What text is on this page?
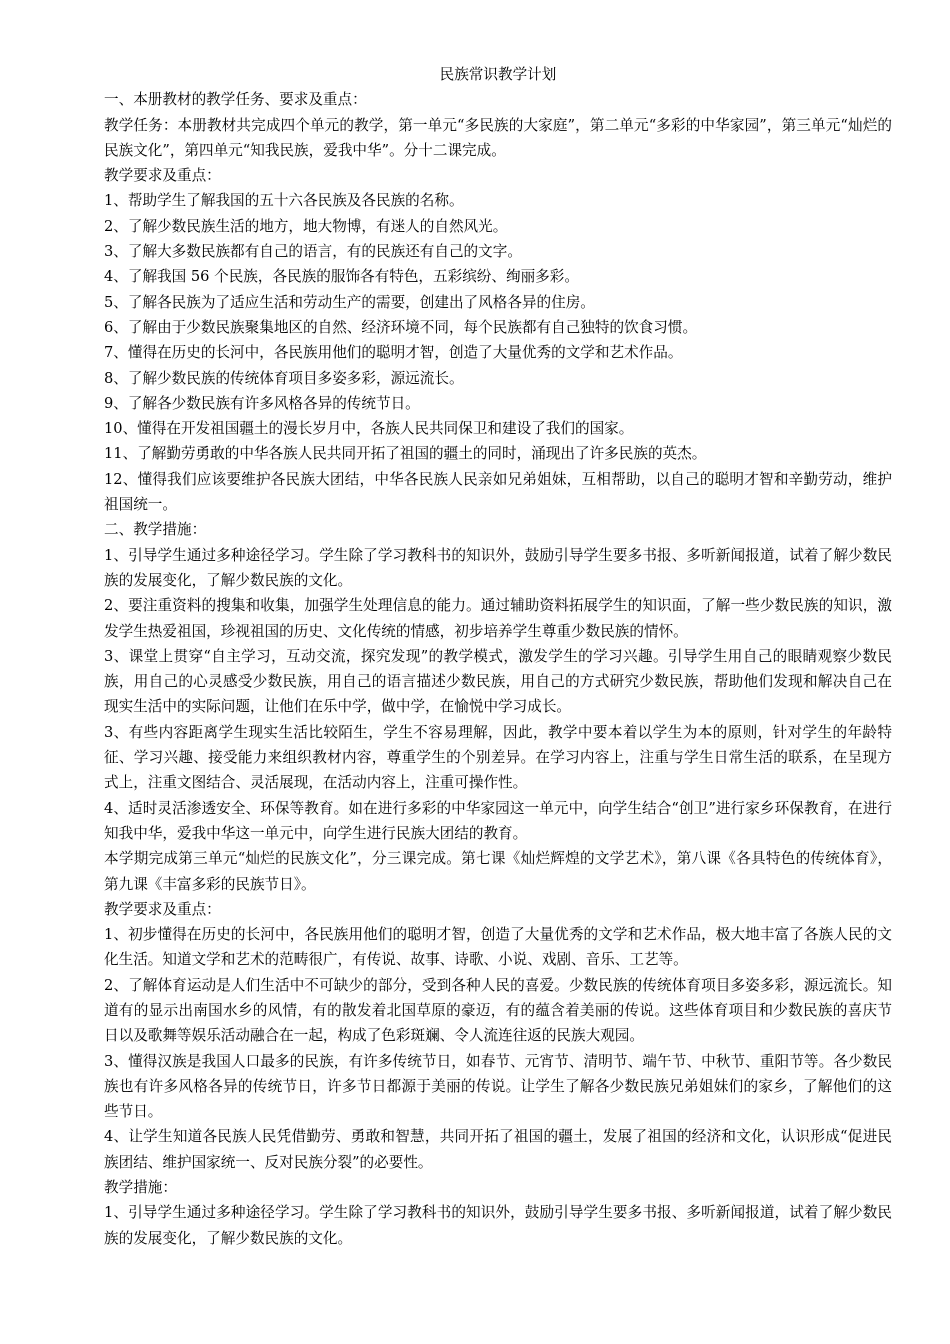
民族常识教学计划

一、本册教材的教学任务、要求及重点：

教学任务：本册教材共完成四个单元的教学，第一单元“多民族的大家庭”，第二单元“多彩的中华家园”，第三单元“灿烂的民族文化”，第四单元“知我民族，爱我中华”。分十二课完成。

教学要求及重点：

1、帮助学生了解我国的五十六各民族及各民族的名称。

2、了解少数民族生活的地方，地大物博，有迷人的自然风光。

3、了解大多数民族都有自己的语言，有的民族还有自己的文字。

4、了解我国 56 个民族，各民族的服饰各有特色，五彩缤纷、绚丽多彩。

5、了解各民族为了适应生活和劳动生产的需要，创建出了风格各异的住房。

6、了解由于少数民族聚集地区的自然、经济环境不同，每个民族都有自己独特的饮食习惯。

7、懂得在历史的长河中，各民族用他们的聪明才智，创造了大量优秀的文学和艺术作品。

8、了解少数民族的传统体育项目多姿多彩，源远流长。

9、了解各少数民族有许多风格各异的传统节日。

10、懂得在开发祖国疆土的漫长岁月中，各族人民共同保卫和建设了我们的国家。

11、了解勤劳勇敢的中华各族人民共同开拓了祖国的疆土的同时，涌现出了许多民族的英杰。

12、懂得我们应该要维护各民族大团结，中华各民族人民亲如兄弟姐妹，互相帮助，以自己的聪明才智和辛勤劳动，维护祖国统一。

二、教学措施：

1、引导学生通过多种途径学习。学生除了学习教科书的知识外，鼓励引导学生要多书报、多听新闻报道，试着了解少数民族的发展变化，了解少数民族的文化。

2、要注重资料的搜集和收集，加强学生处理信息的能力。通过辅助资料拓展学生的知识面，了解一些少数民族的知识，激发学生热爱祖国，珍视祖国的历史、文化传统的情感，初步培养学生尊重少数民族的情怀。

3、课堂上贯穿“自主学习，互动交流，探究发现”的教学模式，激发学生的学习兴趣。引导学生用自己的眼睛观察少数民族，用自己的心灵感受少数民族，用自己的语言描述少数民族，用自己的方式研究少数民族，帮助他们发现和解决自己在现实生活中的实际问题，让他们在乐中学，做中学，在愉悦中学习成长。

3、有些内容距离学生现实生活比较陌生，学生不容易理解，因此，教学中要本着以学生为本的原则，针对学生的年龄特征、学习兴趣、接受能力来组织教材内容，尊重学生的个别差异。在学习内容上，注重与学生日常生活的联系，在呈现方式上，注重文图结合、灵活展现，在活动内容上，注重可操作性。

4、适时灵活渗透安全、环保等教育。如在进行多彩的中华家园这一单元中，向学生结合“创卫”进行家乡环保教育，在进行知我中华，爱我中华这一单元中，向学生进行民族大团结的教育。

本学期完成第三单元“灿烂的民族文化”，分三课完成。第七课《灿烂辉煌的文学艺术》，第八课《各具特色的传统体育》，第九课《丰富多彩的民族节日》。

教学要求及重点：

1、初步懂得在历史的长河中，各民族用他们的聪明才智，创造了大量优秀的文学和艺术作品，极大地丰富了各族人民的文化生活。知道文学和艺术的范畴很广，有传说、故事、诗歌、小说、戏剧、音乐、工艺等。

2、了解体育运动是人们生活中不可缺少的部分，受到各种人民的喜爱。少数民族的传统体育项目多姿多彩，源远流长。知道有的显示出南国水乡的风情，有的散发着北国草原的豪迈，有的蕴含着美丽的传说。这些体育项目和少数民族的喜庆节日以及歌舞等娱乐活动融合在一起，构成了色彩斑斓、令人流连往返的民族大观园。

3、懂得汉族是我国人口最多的民族，有许多传统节日，如春节、元宵节、清明节、端午节、中秋节、重阳节等。各少数民族也有许多风格各异的传统节日，许多节日都源于美丽的传说。让学生了解各少数民族兄弟姐妹们的家乡，了解他们的这些节日。

4、让学生知道各民族人民凭借勤劳、勇敢和智慧，共同开拓了祖国的疆土，发展了祖国的经济和文化，认识形成“促进民族团结、维护国家统一、反对民族分裂”的必要性。

教学措施：

1、引导学生通过多种途径学习。学生除了学习教科书的知识外，鼓励引导学生要多书报、多听新闻报道，试着了解少数民族的发展变化，了解少数民族的文化。
